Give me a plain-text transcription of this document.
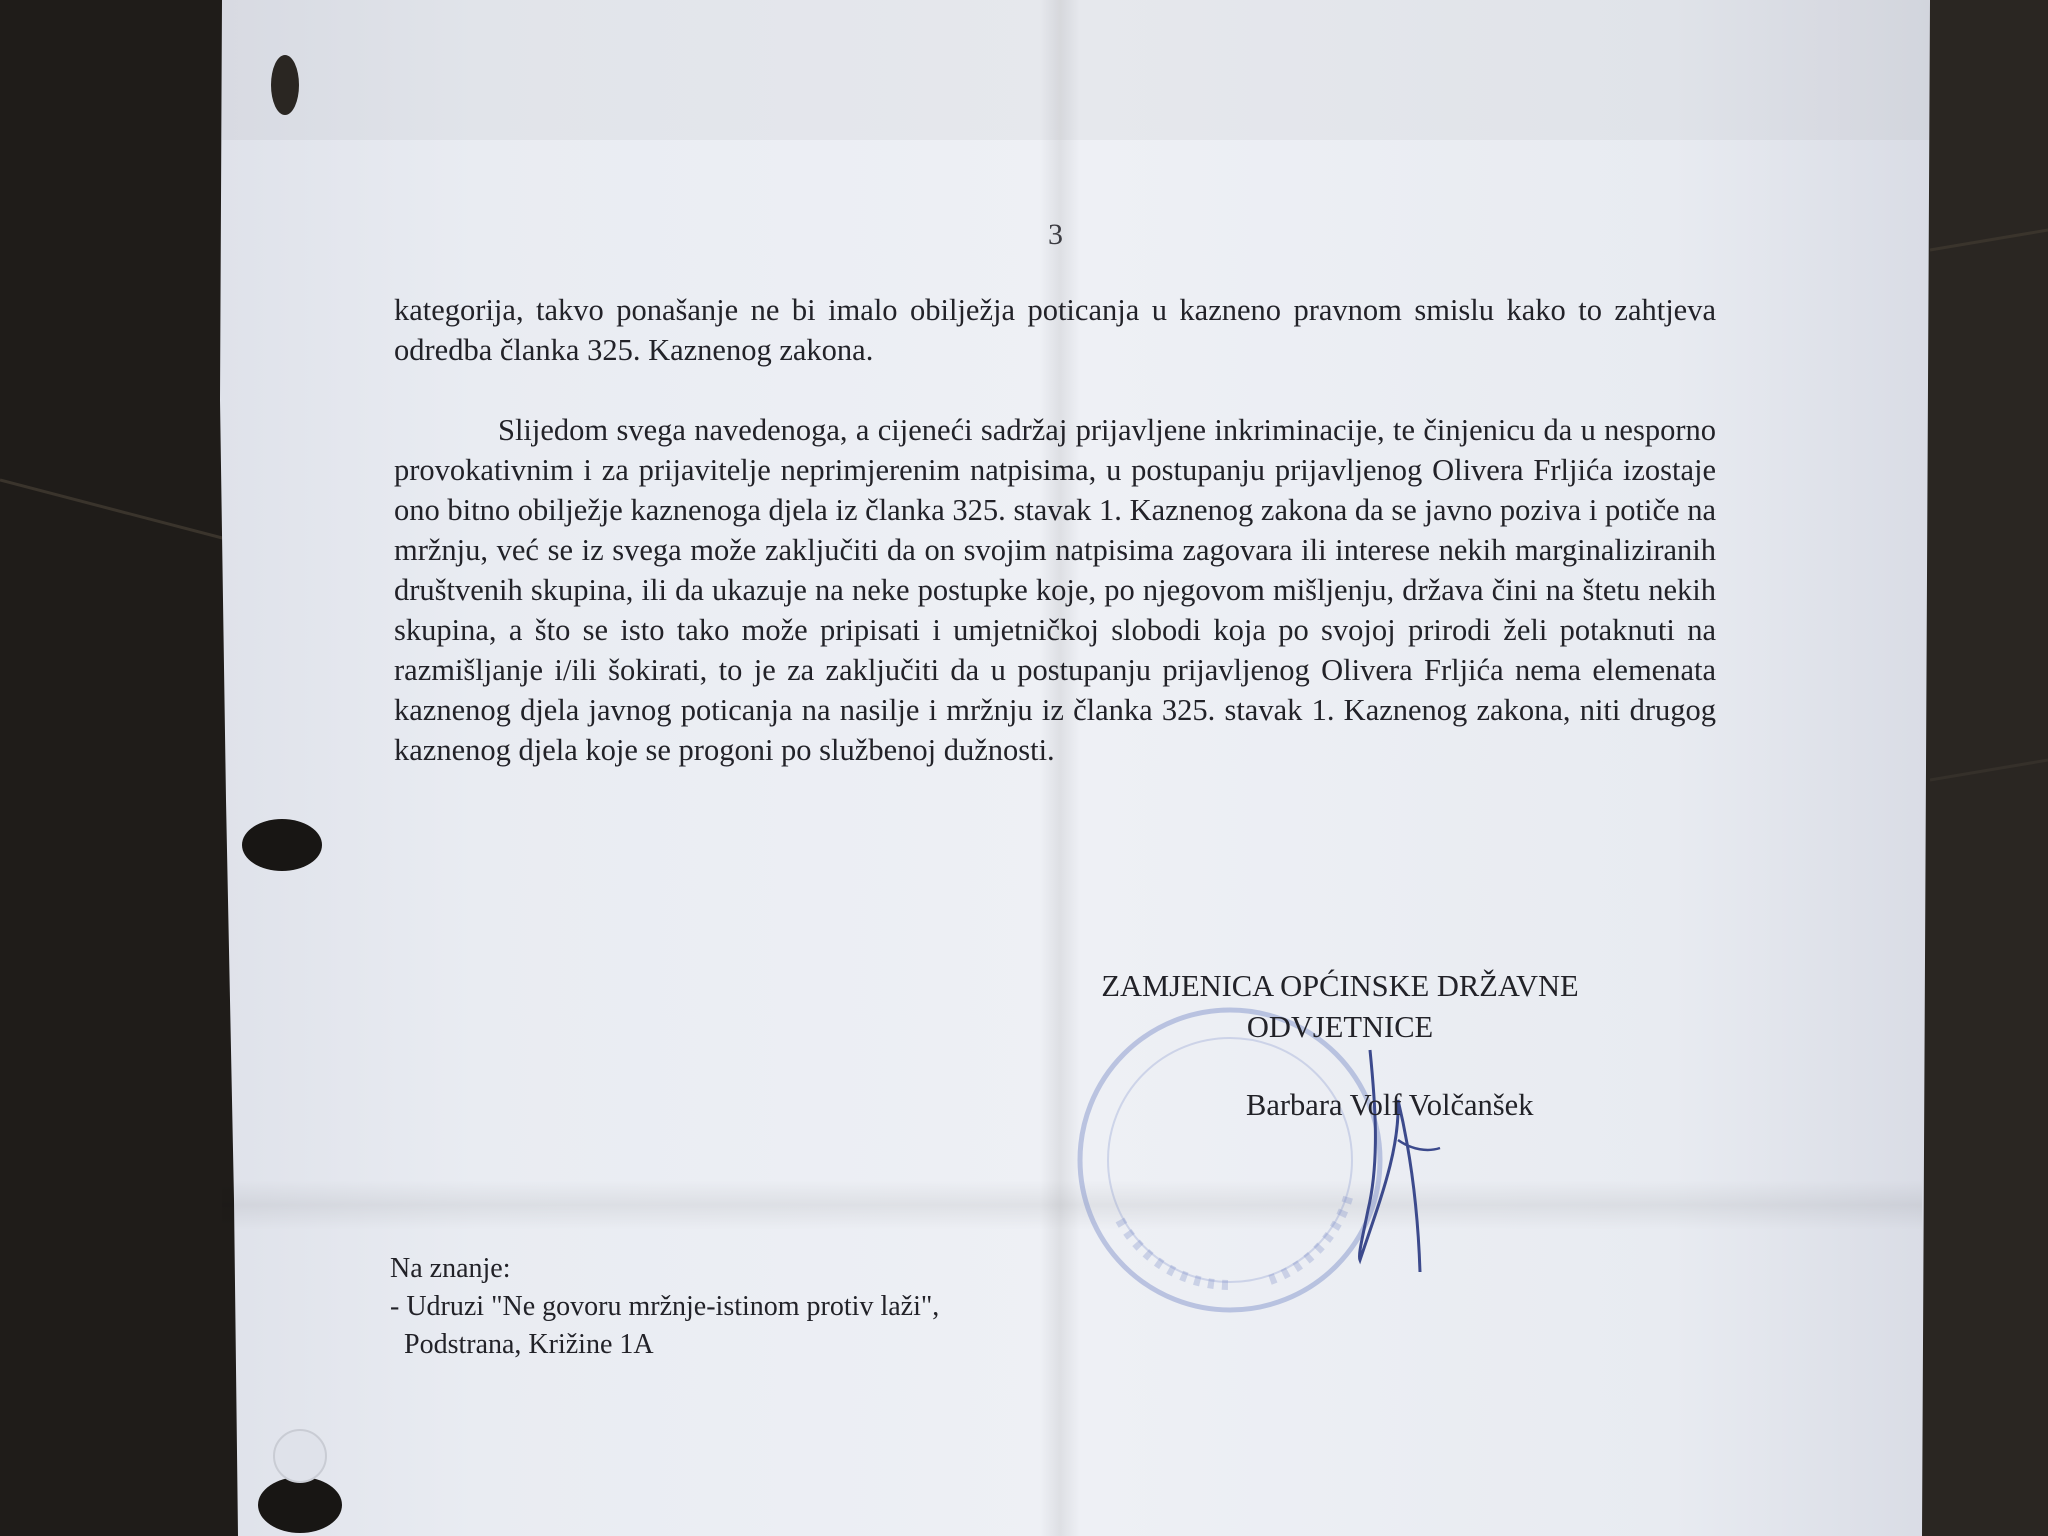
3
kategorija, takvo ponašanje ne bi imalo obilježja poticanja u kazneno pravnom smislu kako to zahtjeva odredba članka 325. Kaznenog zakona.
Slijedom svega navedenoga, a cijeneći sadržaj prijavljene inkriminacije, te činjenicu da u nesporno provokativnim i za prijavitelje neprimjerenim natpisima, u postupanju prijavljenog Olivera Frljića izostaje ono bitno obilježje kaznenoga djela iz članka 325. stavak 1. Kaznenog zakona da se javno poziva i potiče na mržnju, već se iz svega može zaključiti da on svojim natpisima zagovara ili interese nekih marginaliziranih društvenih skupina, ili da ukazuje na neke postupke koje, po njegovom mišljenju, država čini na štetu nekih skupina, a što se isto tako može pripisati i umjetničkoj slobodi koja po svojoj prirodi želi potaknuti na razmišljanje i/ili šokirati, to je za zaključiti da u postupanju prijavljenog Olivera Frljića nema elemenata kaznenog djela javnog poticanja na nasilje i mržnju iz članka 325. stavak 1. Kaznenog zakona, niti drugog kaznenog djela koje se progoni po službenoj dužnosti.
ZAMJENICA OPĆINSKE DRŽAVNE
ODVJETNICE
Barbara Volf Volčanšek
Na znanje:
- Udruzi "Ne govoru mržnje-istinom protiv laži",
Podstrana, Križine 1A
